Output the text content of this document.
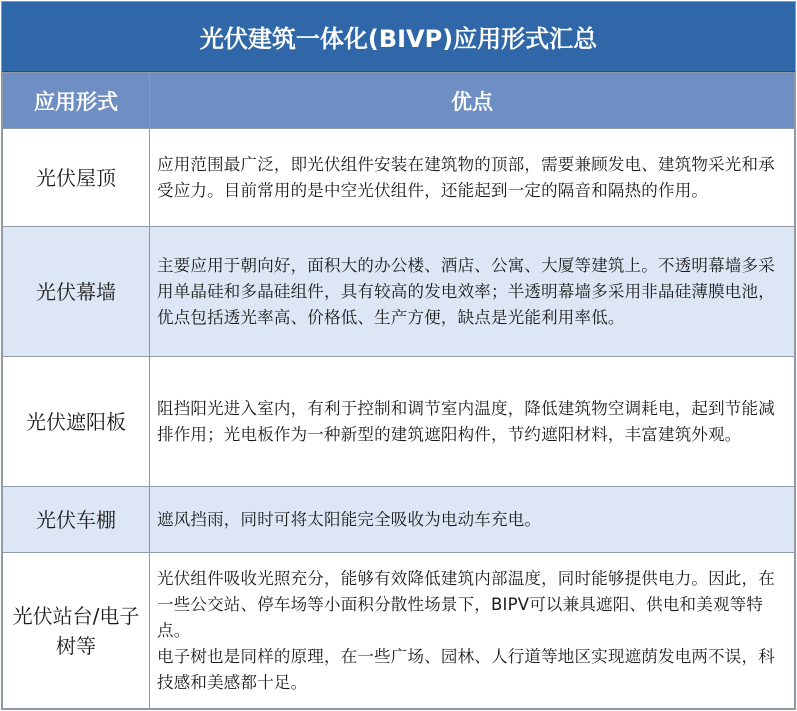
光伏建筑一体化(BIVP)应用形式汇总
应用形式	优点
光伏屋顶	应用范围最广泛，即光伏组件安装在建筑物的顶部，需要兼顾发电、建筑物采光和承受应力。目前常用的是中空光伏组件，还能起到一定的隔音和隔热的作用。

光伏幕墙	主要应用于朝向好，面积大的办公楼、酒店、公寓、大厦等建筑上。不透明幕墙多采用单晶硅和多晶硅组件，具有较高的发电效率；半透明幕墙多采用非晶硅薄膜电池，优点包括透光率高、价格低、生产方便，缺点是光能利用率低。

光伏遮阳板	阻挡阳光进入室内，有利于控制和调节室内温度，降低建筑物空调耗电，起到节能减排作用；光电板作为一种新型的建筑遮阳构件，节约遮阳材料，丰富建筑外观。

光伏车棚	遮风挡雨，同时可将太阳能完全吸收为电动车充电。

光伏站台/电子树等	光伏组件吸收光照充分，能够有效降低建筑内部温度，同时能够提供电力。因此，在一些公交站、停车场等小面积分散性场景下，BIPV可以兼具遮阳、供电和美观等特点。
电子树也是同样的原理，在一些广场、园林、人行道等地区实现遮荫发电两不误，科技感和美感都十足。
